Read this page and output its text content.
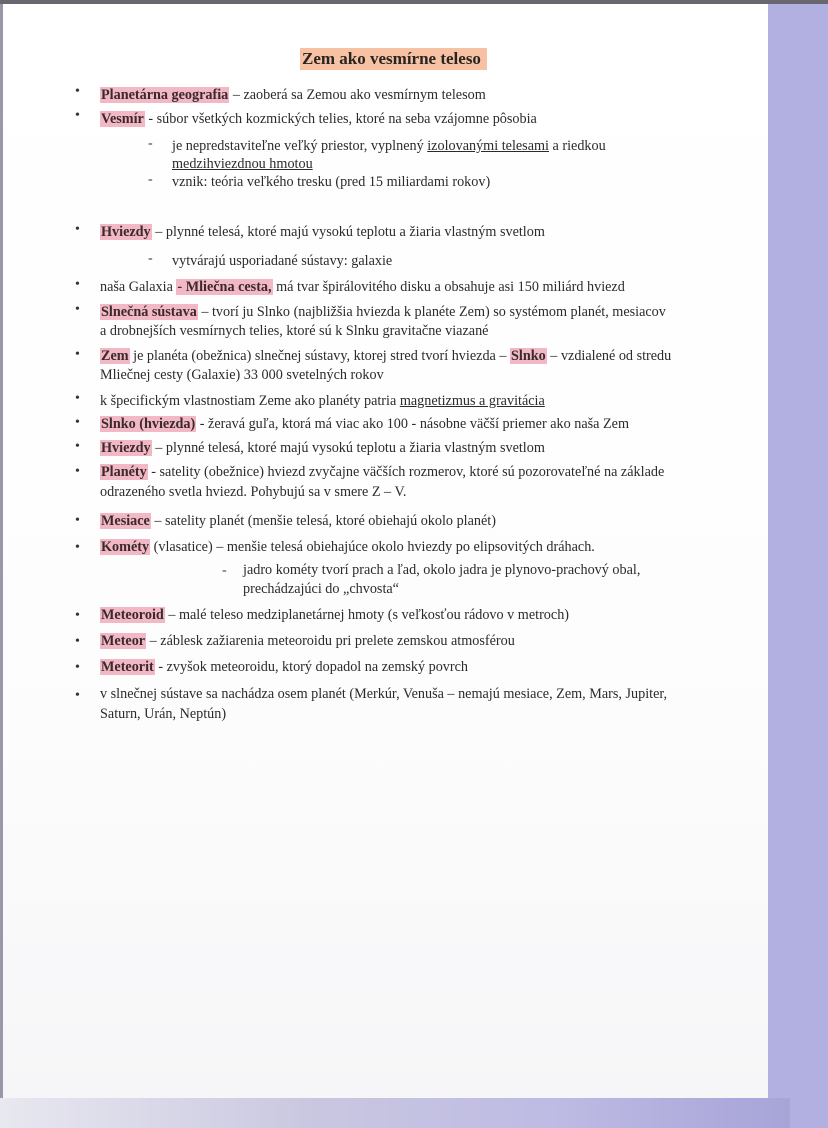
Zem ako vesmírne teleso
• Planetárna geografia – zaoberá sa Zemou ako vesmírnym telesom
• Vesmír - súbor všetkých kozmických telies, ktoré na seba vzájomne pôsobia
- je nepredstaviteľne veľký priestor, vyplnený izolovanými telesami a riedkou
medzihviezdnou hmotou
- vznik: teória veľkého tresku (pred 15 miliardami rokov)
• Hviezdy – plynné telesá, ktoré majú vysokú teplotu a žiaria vlastným svetlom
- vytvárajú usporiadané sústavy: galaxie
• naša Galaxia - Mliečna cesta, má tvar špirálovitého disku a obsahuje asi 150 miliárd hviezd
• Slnečná sústava – tvorí ju Slnko (najbližšia hviezda k planéte Zem) so systémom planét, mesiacov
a drobnejších vesmírnych telies, ktoré sú k Slnku gravitačne viazané
• Zem je planéta (obežnica) slnečnej sústavy, ktorej stred tvorí hviezda – Slnko – vzdialené od stredu
Mliečnej cesty (Galaxie) 33 000 svetelných rokov
• k špecifickým vlastnostiam Zeme ako planéty patria magnetizmus a gravitácia
• Slnko (hviezda) - žeravá guľa, ktorá má viac ako 100 - násobne väčší priemer ako naša Zem
• Hviezdy – plynné telesá, ktoré majú vysokú teplotu a žiaria vlastným svetlom
• Planéty - satelity (obežnice) hviezd zvyčajne väčších rozmerov, ktoré sú pozorovateľné na základe
odrazeného svetla hviezd. Pohybujú sa v smere Z – V.
• Mesiace – satelity planét (menšie telesá, ktoré obiehajú okolo planét)
• Kométy (vlasatice) – menšie telesá obiehajúce okolo hviezdy po elipsovitých dráhach.
- jadro kométy tvorí prach a ľad, okolo jadra je plynovo-prachový obal,
prechádzajúci do „chvosta“
• Meteoroid – malé teleso medziplanetárnej hmoty (s veľkosťou rádovo v metroch)
• Meteor – záblesk zažiarenia meteoroidu pri prelete zemskou atmosférou
• Meteorit - zvyšok meteoroidu, ktorý dopadol na zemský povrch
• v slnečnej sústave sa nachádza osem planét (Merkúr, Venuša – nemajú mesiace, Zem, Mars, Jupiter,
Saturn, Urán, Neptún)
